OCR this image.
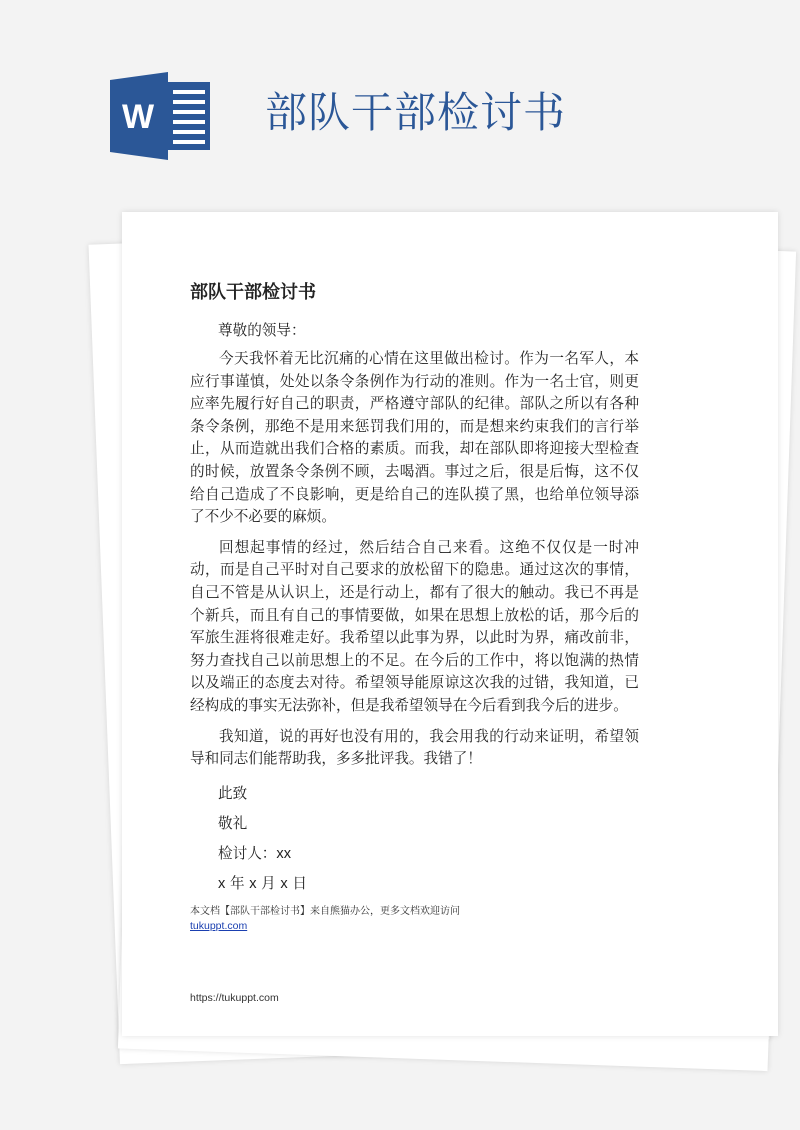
W	部队干部检讨书
部队干部检讨书
尊敬的领导：
今天我怀着无比沉痛的心情在这里做出检讨。作为一名军人，本应行事谨慎，处处以条令条例作为行动的准则。作为一名士官，则更应率先履行好自己的职责，严格遵守部队的纪律。部队之所以有各种条令条例，那绝不是用来惩罚我们用的，而是想来约束我们的言行举止，从而造就出我们合格的素质。而我，却在部队即将迎接大型检查的时候，放置条令条例不顾，去喝酒。事过之后，很是后悔，这不仅给自己造成了不良影响，更是给自己的连队摸了黑，也给单位领导添了不少不必要的麻烦。
回想起事情的经过，然后结合自己来看。这绝不仅仅是一时冲动，而是自己平时对自己要求的放松留下的隐患。通过这次的事情，自己不管是从认识上，还是行动上，都有了很大的触动。我已不再是个新兵，而且有自己的事情要做，如果在思想上放松的话，那今后的军旅生涯将很难走好。我希望以此事为界，以此时为界，痛改前非，努力查找自己以前思想上的不足。在今后的工作中，将以饱满的热情以及端正的态度去对待。希望领导能原谅这次我的过错，我知道，已经构成的事实无法弥补，但是我希望领导在今后看到我今后的进步。
我知道，说的再好也没有用的，我会用我的行动来证明，希望领导和同志们能帮助我，多多批评我。我错了！
此致
敬礼
检讨人：xx
x 年 x 月 x 日
本文档【部队干部检讨书】来自熊猫办公，更多文档欢迎访问
tukuppt.com
https://tukuppt.com
